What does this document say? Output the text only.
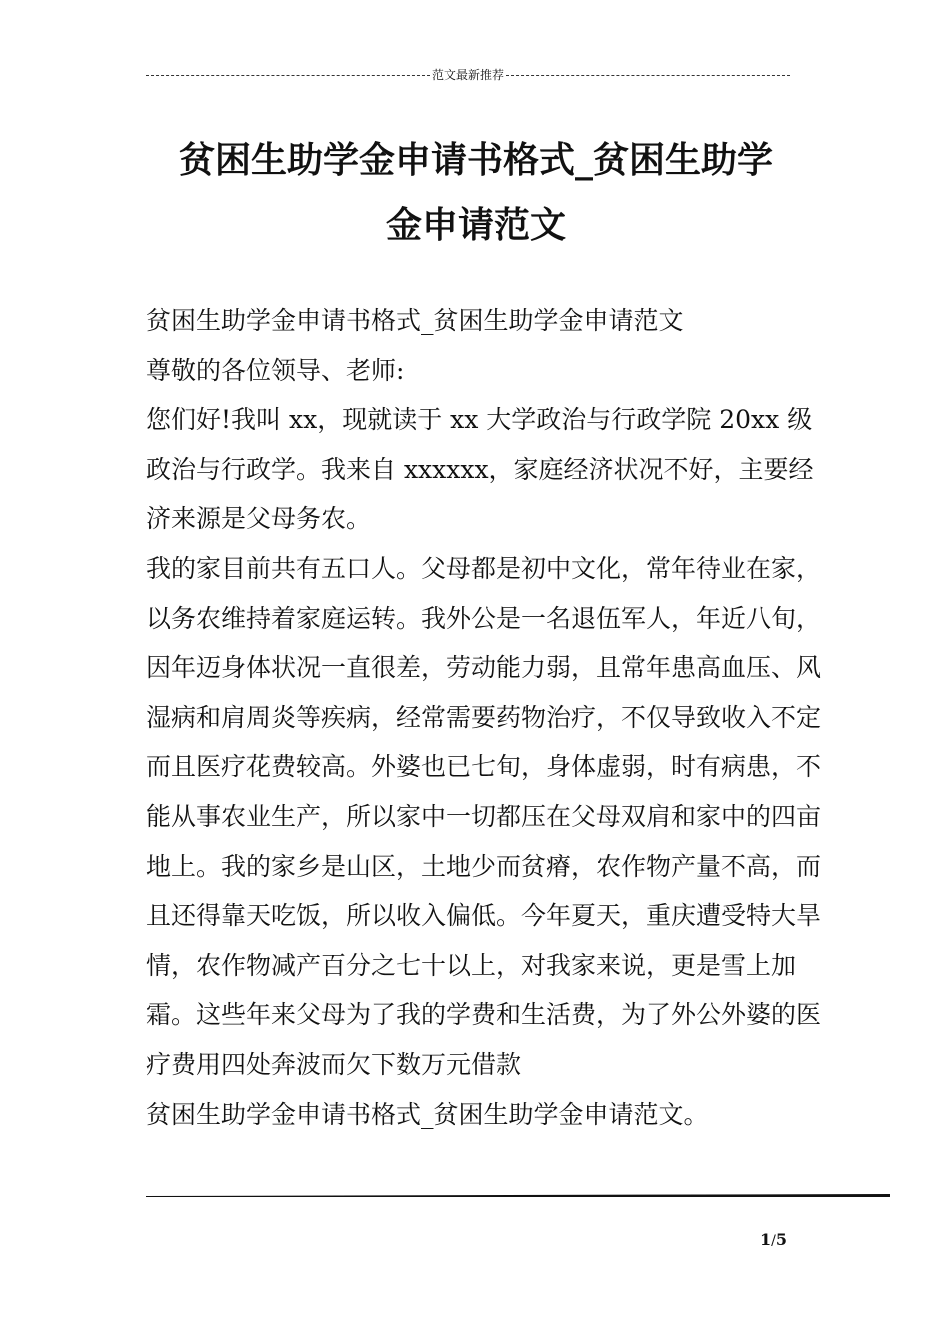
范文最新推荐
贫困生助学金申请书格式_贫困生助学
金申请范文

贫困生助学金申请书格式_贫困生助学金申请范文

尊敬的各位领导、老师:

您们好!我叫 xx，现就读于 xx 大学政治与行政学院 20xx 级政治与行政学。我来自 xxxxxx，家庭经济状况不好，主要经济来源是父母务农。

我的家目前共有五口人。父母都是初中文化，常年待业在家，以务农维持着家庭运转。我外公是一名退伍军人，年近八旬，因年迈身体状况一直很差，劳动能力弱，且常年患高血压、风湿病和肩周炎等疾病，经常需要药物治疗，不仅导致收入不定而且医疗花费较高。外婆也已七旬，身体虚弱，时有病患，不能从事农业生产，所以家中一切都压在父母双肩和家中的四亩地上。我的家乡是山区，土地少而贫瘠，农作物产量不高，而且还得靠天吃饭，所以收入偏低。今年夏天，重庆遭受特大旱情，农作物减产百分之七十以上，对我家来说，更是雪上加霜。这些年来父母为了我的学费和生活费，为了外公外婆的医疗费用四处奔波而欠下数万元借款

贫困生助学金申请书格式_贫困生助学金申请范文。

1/5
